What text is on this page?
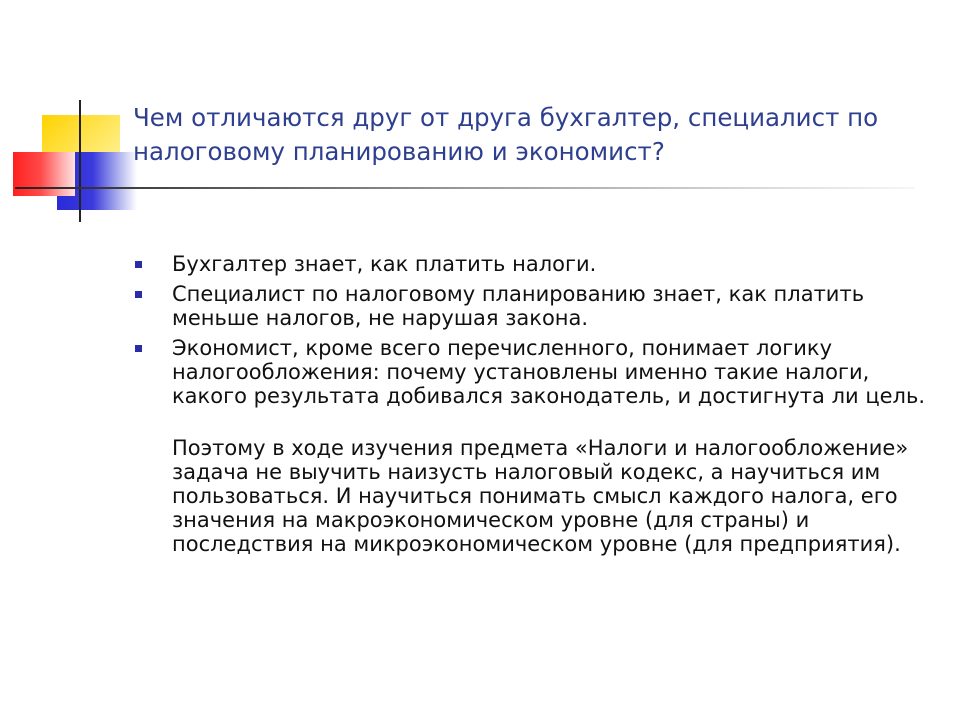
Чем отличаются друг от друга бухгалтер, специалист по налоговому планированию и экономист?
Бухгалтер знает, как платить налоги.
Специалист по налоговому планированию знает, как платить меньше налогов, не нарушая закона.
Экономист, кроме всего перечисленного, понимает логику налогообложения: почему установлены именно такие налоги, какого результата добивался законодатель, и достигнута ли цель.

Поэтому в ходе изучения предмета «Налоги и налогообложение» задача не выучить наизусть налоговый кодекс, а научиться им пользоваться. И научиться понимать смысл каждого налога, его значения на макроэкономическом уровне (для страны) и последствия на микроэкономическом уровне (для предприятия).
